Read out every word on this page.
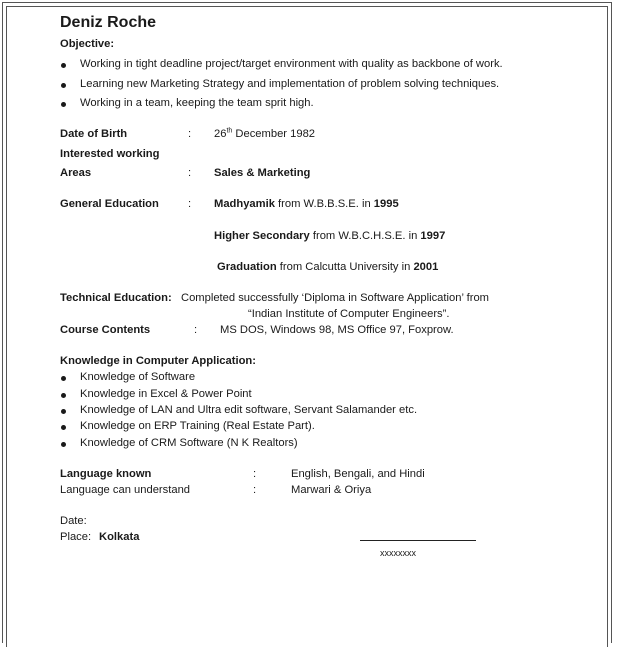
Deniz Roche
Objective:
Working in tight deadline project/target environment with quality as backbone of work.
Learning new Marketing Strategy and implementation of problem solving techniques.
Working in a team, keeping the team sprit high.
Date of Birth	: 26th December 1982
Interested working
Areas	: Sales & Marketing
General Education	: Madhyamik from W.B.B.S.E. in 1995
Higher Secondary from W.B.C.H.S.E. in 1997
Graduation from Calcutta University in 2001
Technical Education: Completed successfully ‘Diploma in Software Application’ from
“Indian Institute of Computer Engineers”.
Course Contents	: MS DOS, Windows 98, MS Office 97, Foxprow.
Knowledge in Computer Application:
Knowledge of Software
Knowledge in Excel & Power Point
Knowledge of LAN and Ultra edit software, Servant Salamander etc.
Knowledge on ERP Training (Real Estate Part).
Knowledge of CRM Software (N K Realtors)
Language known	:	English, Bengali, and Hindi
Language can understand	:	Marwari & Oriya
Date:
Place: Kolkata
xxxxxxxx
